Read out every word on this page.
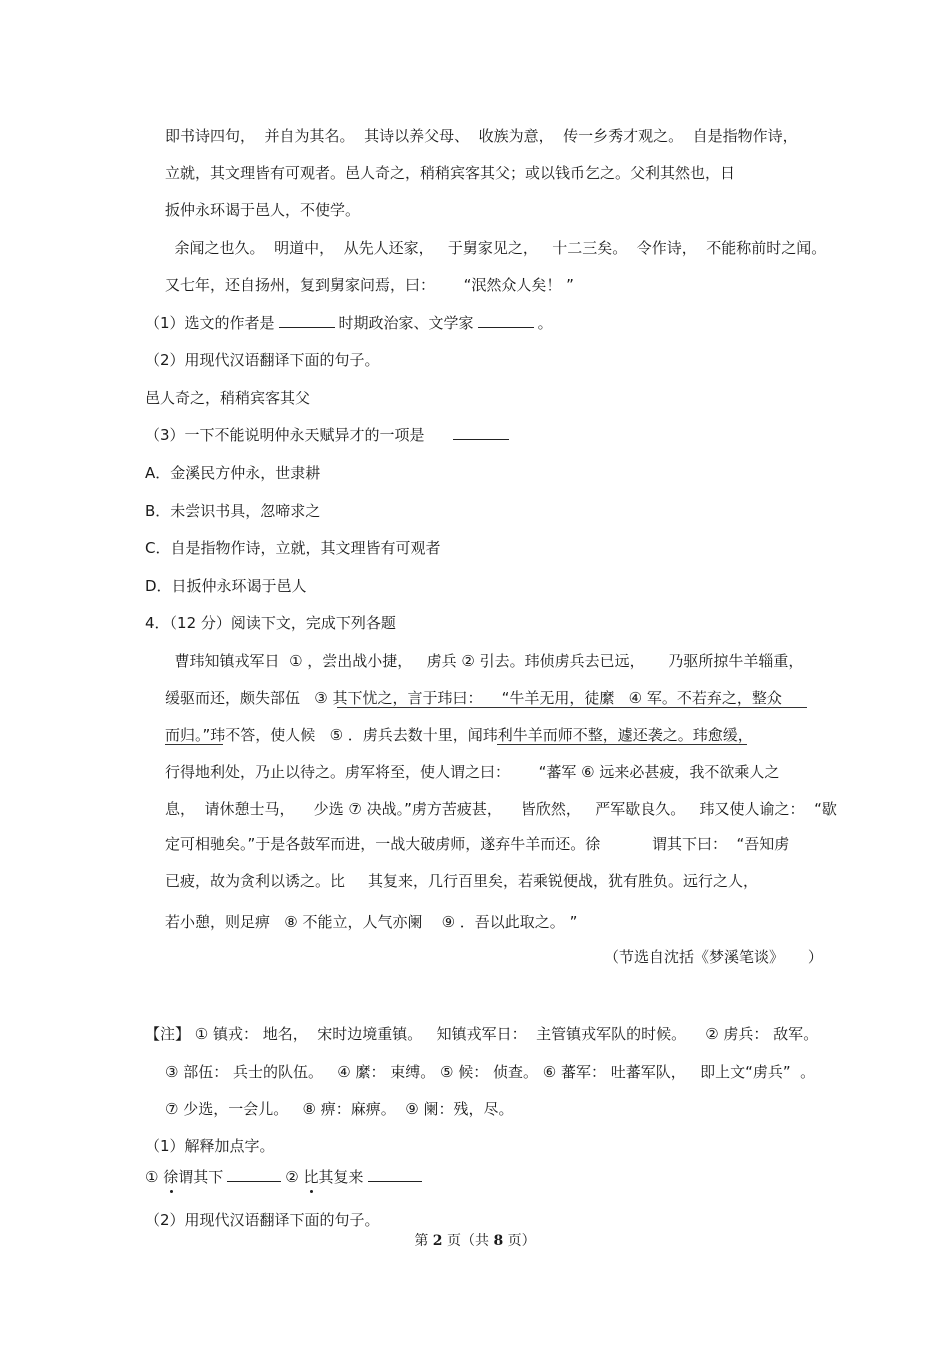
即书诗四句，  并自为其名。  其诗以养父母、  收族为意，  传一乡秀才观之。  自是指物作诗，
立就，其文理皆有可观者。邑人奇之，稍稍宾客其父；或以钱币乞之。父利其然也，日
扳仲永环谒于邑人，不使学。
余闻之也久。  明道中，  从先人还家，   于舅家见之，   十二三矣。  令作诗，  不能称前时之闻。
又七年，还自扬州，复到舅家问焉，曰：      “泯然众人矣！ ”
（1）选文的作者是	时期政治家、文学家	。
（2）用现代汉语翻译下面的句子。
邑人奇之，稍稍宾客其父
（3）一下不能说明仲永天赋异才的一项是
A．金溪民方仲永，世隶耕
B．未尝识书具，忽啼求之
C．自是指物作诗，立就，其文理皆有可观者
D．日扳仲永环谒于邑人
4．（12 分）阅读下文，完成下列各题
曹玮知镇戎军日  ① ，尝出战小捷，   虏兵 ② 引去。玮侦虏兵去已远，     乃驱所掠牛羊辎重，
缓驱而还，颇失部伍   ③ 其下忧之，言于玮曰：    “牛羊无用，徒縻   ④ 军。不若弃之，整众
而归。”玮不答，使人候   ⑤ ．虏兵去数十里，闻玮利牛羊而师不整，遽还袭之。玮愈缓，
行得地利处，乃止以待之。虏军将至，使人谓之曰：      “蕃军 ⑥ 远来必甚疲，我不欲乘人之
息，  请休憩士马，    少选 ⑦ 决战。”虏方苦疲甚，    皆欣然，   严军歇良久。   玮又使人谕之：  “歇
定可相驰矣。”于是各鼓军而进，一战大破虏师，遂弃牛羊而还。徐	谓其下曰：  “吾知虏
已疲，故为贪利以诱之。比 其复来，几行百里矣，若乘锐便战，犹有胜负。远行之人，
若小憩，则足痹   ⑧ 不能立，人气亦阑    ⑨ ．吾以此取之。 ”
（节选自沈括《梦溪笔谈》     ）
【注】 ① 镇戎： 地名，  宋时边境重镇。   知镇戎军日：  主管镇戎军队的时候。    ② 虏兵： 敌军。
③ 部伍： 兵士的队伍。   ④ 縻： 束缚。 ⑤ 候： 侦查。 ⑥ 蕃军： 吐蕃军队，   即上文“虏兵”  。
⑦ 少选，一会儿。   ⑧ 痹：麻痹。  ⑨ 阑：残，尽。
（1）解释加点字。
① 徐谓其下	② 比其复来
（2）用现代汉语翻译下面的句子。
第 2 页（共 8 页）
